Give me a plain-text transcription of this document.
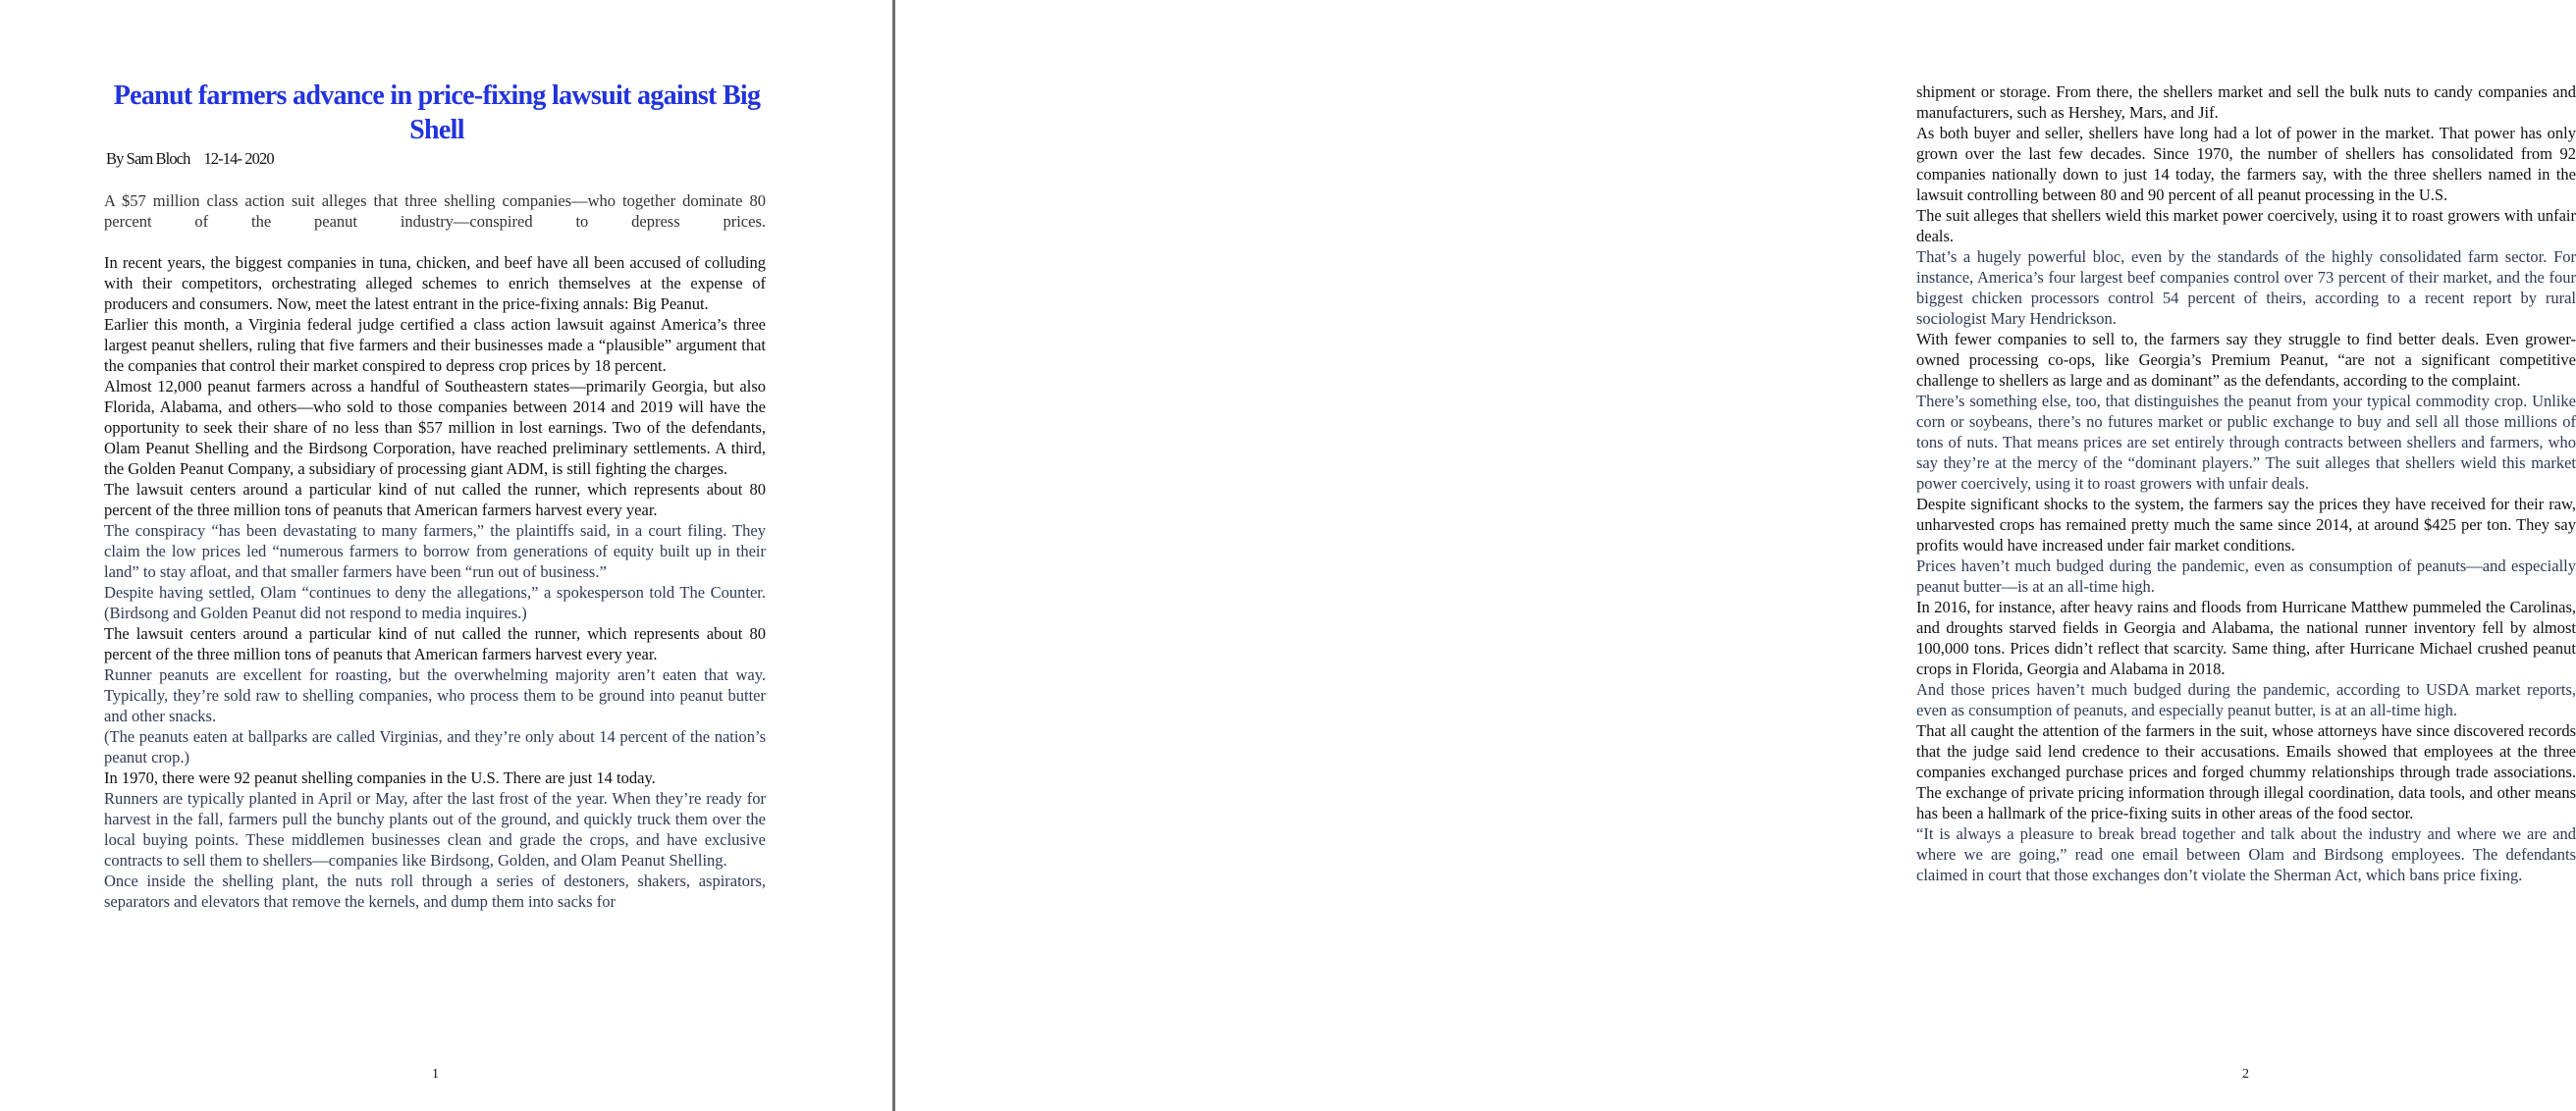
Peanut farmers advance in price-fixing lawsuit against Big Shell

By Sam Bloch 12-14- 2020

A $57 million class action suit alleges that three shelling companies—who together dominate 80 percent of the peanut industry—conspired to depress prices.

In recent years, the biggest companies in tuna, chicken, and beef have all been accused of colluding with their competitors, orchestrating alleged schemes to enrich themselves at the expense of producers and consumers. Now, meet the latest entrant in the price-fixing annals: Big Peanut.

Earlier this month, a Virginia federal judge certified a class action lawsuit against America’s three largest peanut shellers, ruling that five farmers and their businesses made a “plausible” argument that the companies that control their market conspired to depress crop prices by 18 percent.

Almost 12,000 peanut farmers across a handful of Southeastern states—primarily Georgia, but also Florida, Alabama, and others—who sold to those companies between 2014 and 2019 will have the opportunity to seek their share of no less than $57 million in lost earnings. Two of the defendants, Olam Peanut Shelling and the Birdsong Corporation, have reached preliminary settlements. A third, the Golden Peanut Company, a subsidiary of processing giant ADM, is still fighting the charges.

The lawsuit centers around a particular kind of nut called the runner, which represents about 80 percent of the three million tons of peanuts that American farmers harvest every year.

The conspiracy “has been devastating to many farmers,” the plaintiffs said, in a court filing. They claim the low prices led “numerous farmers to borrow from generations of equity built up in their land” to stay afloat, and that smaller farmers have been “run out of business.”

Despite having settled, Olam “continues to deny the allegations,” a spokesperson told The Counter. (Birdsong and Golden Peanut did not respond to media inquires.)

The lawsuit centers around a particular kind of nut called the runner, which represents about 80 percent of the three million tons of peanuts that American farmers harvest every year.

Runner peanuts are excellent for roasting, but the overwhelming majority aren’t eaten that way. Typically, they’re sold raw to shelling companies, who process them to be ground into peanut butter and other snacks.

(The peanuts eaten at ballparks are called Virginias, and they’re only about 14 percent of the nation’s peanut crop.)

In 1970, there were 92 peanut shelling companies in the U.S. There are just 14 today.

Runners are typically planted in April or May, after the last frost of the year. When they’re ready for harvest in the fall, farmers pull the bunchy plants out of the ground, and quickly truck them over the local buying points. These middlemen businesses clean and grade the crops, and have exclusive contracts to sell them to shellers—companies like Birdsong, Golden, and Olam Peanut Shelling.

Once inside the shelling plant, the nuts roll through a series of destoners, shakers, aspirators, separators and elevators that remove the kernels, and dump them into sacks for

1

shipment or storage. From there, the shellers market and sell the bulk nuts to candy companies and manufacturers, such as Hershey, Mars, and Jif.

As both buyer and seller, shellers have long had a lot of power in the market. That power has only grown over the last few decades. Since 1970, the number of shellers has consolidated from 92 companies nationally down to just 14 today, the farmers say, with the three shellers named in the lawsuit controlling between 80 and 90 percent of all peanut processing in the U.S.

The suit alleges that shellers wield this market power coercively, using it to roast growers with unfair deals.

That’s a hugely powerful bloc, even by the standards of the highly consolidated farm sector. For instance, America’s four largest beef companies control over 73 percent of their market, and the four biggest chicken processors control 54 percent of theirs, according to a recent report by rural sociologist Mary Hendrickson.

With fewer companies to sell to, the farmers say they struggle to find better deals. Even grower-owned processing co-ops, like Georgia’s Premium Peanut, “are not a significant competitive challenge to shellers as large and as dominant” as the defendants, according to the complaint.

There’s something else, too, that distinguishes the peanut from your typical commodity crop. Unlike corn or soybeans, there’s no futures market or public exchange to buy and sell all those millions of tons of nuts. That means prices are set entirely through contracts between shellers and farmers, who say they’re at the mercy of the “dominant players.” The suit alleges that shellers wield this market power coercively, using it to roast growers with unfair deals.

Despite significant shocks to the system, the farmers say the prices they have received for their raw, unharvested crops has remained pretty much the same since 2014, at around $425 per ton. They say profits would have increased under fair market conditions.

Prices haven’t much budged during the pandemic, even as consumption of peanuts—and especially peanut butter—is at an all-time high.

In 2016, for instance, after heavy rains and floods from Hurricane Matthew pummeled the Carolinas, and droughts starved fields in Georgia and Alabama, the national runner inventory fell by almost 100,000 tons. Prices didn’t reflect that scarcity. Same thing, after Hurricane Michael crushed peanut crops in Florida, Georgia and Alabama in 2018.

And those prices haven’t much budged during the pandemic, according to USDA market reports, even as consumption of peanuts, and especially peanut butter, is at an all-time high.

That all caught the attention of the farmers in the suit, whose attorneys have since discovered records that the judge said lend credence to their accusations. Emails showed that employees at the three companies exchanged purchase prices and forged chummy relationships through trade associations. The exchange of private pricing information through illegal coordination, data tools, and other means has been a hallmark of the price-fixing suits in other areas of the food sector.

“It is always a pleasure to break bread together and talk about the industry and where we are and where we are going,” read one email between Olam and Birdsong employees. The defendants claimed in court that those exchanges don’t violate the Sherman Act, which bans price fixing.

2
